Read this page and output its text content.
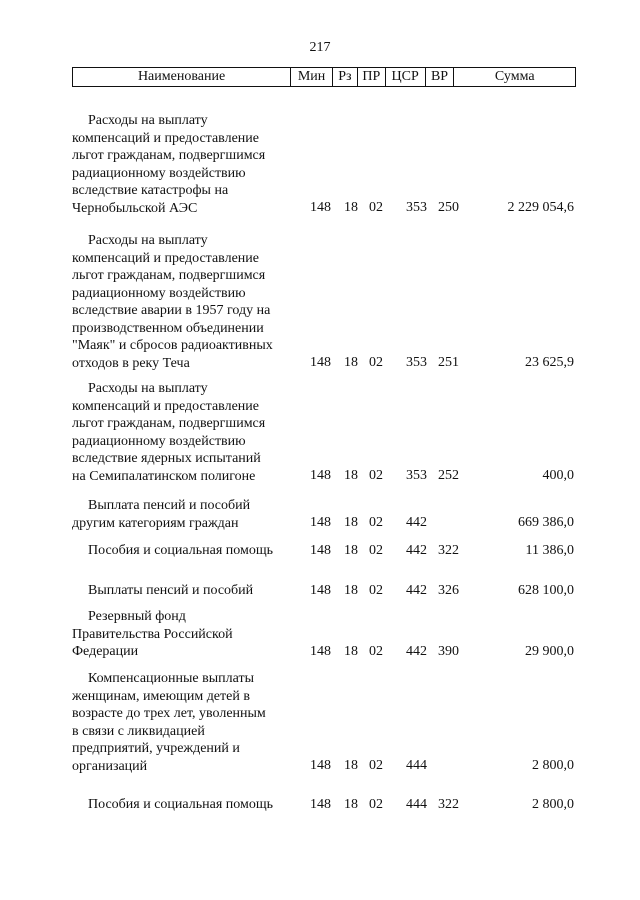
217
Наименование	Мин Рз ПР ЦСР ВР	Сумма
Расходы на выплату
компенсаций и предоставление
льгот гражданам, подвергшимся
радиационному воздействию
вследствие катастрофы на
Чернобыльской АЭС	148 18 02 353 250	2 229 054,6
Расходы на выплату
компенсаций и предоставление
льгот гражданам, подвергшимся
радиационному воздействию
вследствие аварии в 1957 году на
производственном объединении
"Маяк" и сбросов радиоактивных
отходов в реку Теча	148 18 02 353 251	23 625,9
Расходы на выплату
компенсаций и предоставление
льгот гражданам, подвергшимся
радиационному воздействию
вследствие ядерных испытаний
на Семипалатинском полигоне	148 18 02 353 252	400,0
Выплата пенсий и пособий
другим категориям граждан	148 18 02 442	669 386,0
Пособия и социальная помощь	148 18 02 442 322	11 386,0
Выплаты пенсий и пособий	148 18 02 442 326	628 100,0
Резервный фонд
Правительства Российской
Федерации	148 18 02 442 390	29 900,0
Компенсационные выплаты
женщинам, имеющим детей в
возрасте до трех лет, уволенным
в связи с ликвидацией
предприятий, учреждений и
организаций	148 18 02 444	2 800,0
Пособия и социальная помощь	148 18 02 444 322	2 800,0
